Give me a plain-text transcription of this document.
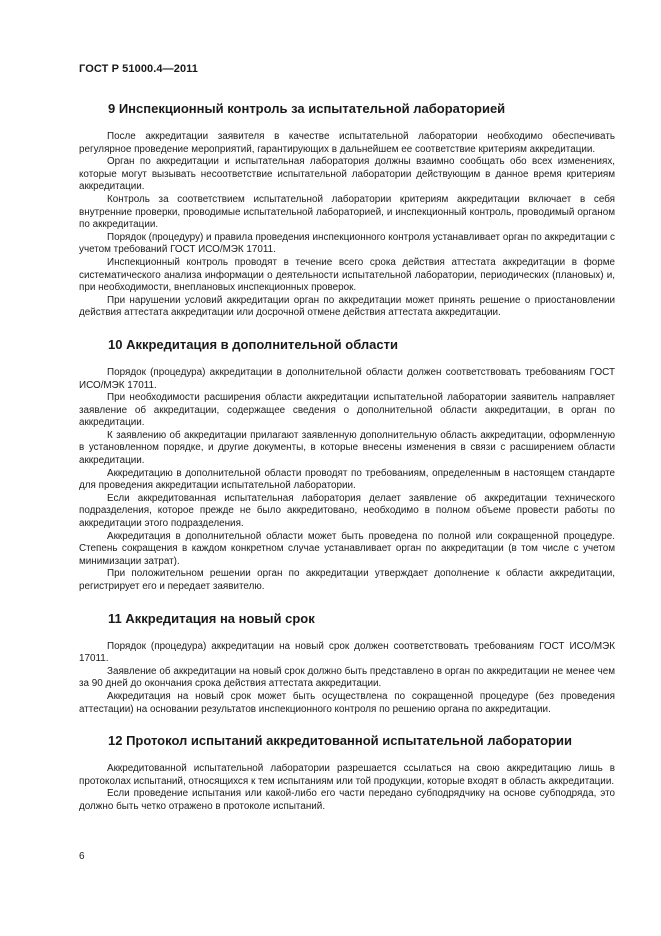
ГОСТ Р 51000.4—2011
9 Инспекционный контроль за испытательной лабораторией

После аккредитации заявителя в качестве испытательной лаборатории необходимо обеспечивать регулярное проведение мероприятий, гарантирующих в дальнейшем ее соответствие критериям аккредитации.

Орган по аккредитации и испытательная лаборатория должны взаимно сообщать обо всех изменениях, которые могут вызывать несоответствие испытательной лаборатории действующим в данное время критериям аккредитации.

Контроль за соответствием испытательной лаборатории критериям аккредитации включает в себя внутренние проверки, проводимые испытательной лабораторией, и инспекционный контроль, проводимый органом по аккредитации.

Порядок (процедуру) и правила проведения инспекционного контроля устанавливает орган по аккредитации с учетом требований ГОСТ ИСО/МЭК 17011.

Инспекционный контроль проводят в течение всего срока действия аттестата аккредитации в форме систематического анализа информации о деятельности испытательной лаборатории, периодических (плановых) и, при необходимости, внеплановых инспекционных проверок.

При нарушении условий аккредитации орган по аккредитации может принять решение о приостановлении действия аттестата аккредитации или досрочной отмене действия аттестата аккредитации.

10 Аккредитация в дополнительной области

Порядок (процедура) аккредитации в дополнительной области должен соответствовать требованиям ГОСТ ИСО/МЭК 17011.

При необходимости расширения области аккредитации испытательной лаборатории заявитель направляет заявление об аккредитации, содержащее сведения о дополнительной области аккредитации, в орган по аккредитации.

К заявлению об аккредитации прилагают заявленную дополнительную область аккредитации, оформленную в установленном порядке, и другие документы, в которые внесены изменения в связи с расширением области аккредитации.

Аккредитацию в дополнительной области проводят по требованиям, определенным в настоящем стандарте для проведения аккредитации испытательной лаборатории.

Если аккредитованная испытательная лаборатория делает заявление об аккредитации технического подразделения, которое прежде не было аккредитовано, необходимо в полном объеме провести работы по аккредитации этого подразделения.

Аккредитация в дополнительной области может быть проведена по полной или сокращенной процедуре. Степень сокращения в каждом конкретном случае устанавливает орган по аккредитации (в том числе с учетом минимизации затрат).

При положительном решении орган по аккредитации утверждает дополнение к области аккредитации, регистрирует его и передает заявителю.

11 Аккредитация на новый срок

Порядок (процедура) аккредитации на новый срок должен соответствовать требованиям ГОСТ ИСО/МЭК 17011.

Заявление об аккредитации на новый срок должно быть представлено в орган по аккредитации не менее чем за 90 дней до окончания срока действия аттестата аккредитации.

Аккредитация на новый срок может быть осуществлена по сокращенной процедуре (без проведения аттестации) на основании результатов инспекционного контроля по решению органа по аккредитации.

12 Протокол испытаний аккредитованной испытательной лаборатории

Аккредитованной испытательной лаборатории разрешается ссылаться на свою аккредитацию лишь в протоколах испытаний, относящихся к тем испытаниям или той продукции, которые входят в область аккредитации.

Если проведение испытания или какой-либо его части передано субподрядчику на основе субподряда, это должно быть четко отражено в протоколе испытаний.

6
